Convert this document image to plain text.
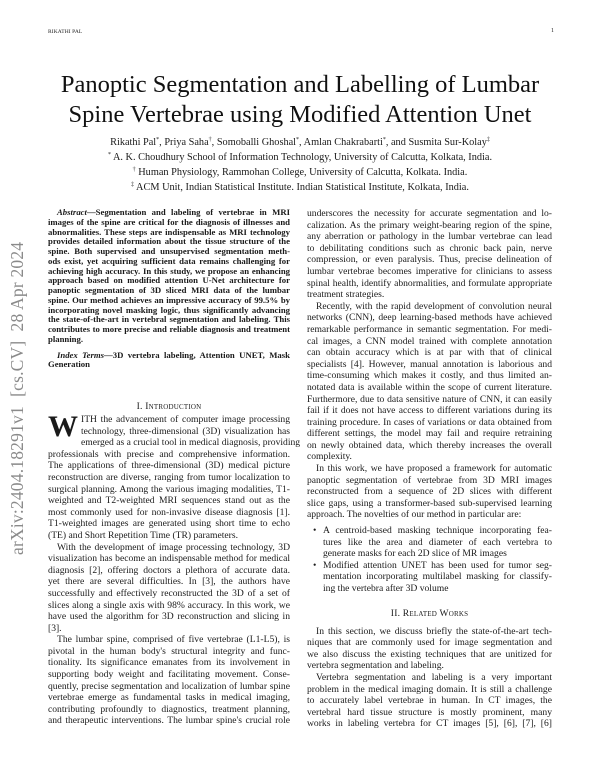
RIKATHI PAL	1
Panoptic Segmentation and Labelling of Lumbar
Spine Vertebrae using Modified Attention Unet
Rikathi Pal*, Priya Saha†, Somoballi Ghoshal*, Amlan Chakrabarti*, and Susmita Sur-Kolay‡
* A. K. Choudhury School of Information Technology, University of Calcutta, Kolkata, India.
† Human Physiology, Rammohan College, University of Calcutta, Kolkata. India.
‡ ACM Unit, Indian Statistical Institute. Indian Statistical Institute, Kolkata, India.
arXiv:2404.18291v1  [cs.CV]  28 Apr 2024
Abstract—Segmentation and labeling of vertebrae in MRI
images of the spine are critical for the diagnosis of illnesses and
abnormalities. These steps are indispensable as MRI technology
provides detailed information about the tissue structure of the
spine. Both supervised and unsupervised segmentation meth-
ods exist, yet acquiring sufficient data remains challenging for
achieving high accuracy. In this study, we propose an enhancing
approach based on modified attention U-Net architecture for
panoptic segmentation of 3D sliced MRI data of the lumbar
spine. Our method achieves an impressive accuracy of 99.5% by
incorporating novel masking logic, thus significantly advancing
the state-of-the-art in vertebral segmentation and labeling. This
contributes to more precise and reliable diagnosis and treatment
planning.
Index Terms—3D vertebra labeling, Attention UNET, Mask
Generation
I. Introduction
W ITH the advancement of computer image processing
technology, three-dimensional (3D) visualization has
emerged as a crucial tool in medical diagnosis, providing
professionals with precise and comprehensive information.
The applications of three-dimensional (3D) medical picture
reconstruction are diverse, ranging from tumor localization to
surgical planning. Among the various imaging modalities, T1-
weighted and T2-weighted MRI sequences stand out as the
most commonly used for non-invasive disease diagnosis [1].
T1-weighted images are generated using short time to echo
(TE) and Short Repetition Time (TR) parameters.
With the development of image processing technology, 3D
visualization has become an indispensable method for medical
diagnosis [2], offering doctors a plethora of accurate data.
yet there are several difficulties. In [3], the authors have
successfully and effectively reconstructed the 3D of a set of
slices along a single axis with 98% accuracy. In this work, we
have used the algorithm for 3D reconstruction and slicing in
[3].
The lumbar spine, comprised of five vertebrae (L1-L5), is
pivotal in the human body's structural integrity and func-
tionality. Its significance emanates from its involvement in
supporting body weight and facilitating movement. Conse-
quently, precise segmentation and localization of lumbar spine
vertebrae emerge as fundamental tasks in medical imaging,
contributing profoundly to diagnostics, treatment planning,
and therapeutic interventions. The lumbar spine's crucial role
underscores the necessity for accurate segmentation and lo-
calization. As the primary weight-bearing region of the spine,
any aberration or pathology in the lumbar vertebrae can lead
to debilitating conditions such as chronic back pain, nerve
compression, or even paralysis. Thus, precise delineation of
lumbar vertebrae becomes imperative for clinicians to assess
spinal health, identify abnormalities, and formulate appropriate
treatment strategies.
Recently, with the rapid development of convolution neural
networks (CNN), deep learning-based methods have achieved
remarkable performance in semantic segmentation. For medi-
cal images, a CNN model trained with complete annotation
can obtain accuracy which is at par with that of clinical
specialists [4]. However, manual annotation is laborious and
time-consuming which makes it costly, and thus limited an-
notated data is available within the scope of current literature.
Furthermore, due to data sensitive nature of CNN, it can easily
fail if it does not have access to different variations during its
training procedure. In cases of variations or data obtained from
different settings, the model may fail and require retraining
on newly obtained data, which thereby increases the overall
complexity.
In this work, we have proposed a framework for automatic
panoptic segmentation of vertebrae from 3D MRI images
reconstructed from a sequence of 2D slices with different
slice gaps, using a transformer-based sub-supervised learning
approach. The novelties of our method in particular are:
• A centroid-based masking technique incorporating fea-
tures like the area and diameter of each vertebra to
generate masks for each 2D slice of MR images
• Modified attention UNET has been used for tumor seg-
mentation incorporating multilabel masking for classify-
ing the vertebra after 3D volume
II. Related Works
In this section, we discuss briefly the state-of-the-art tech-
niques that are commonly used for image segmentation and
we also discuss the existing techniques that are unitized for
vertebra segmentation and labeling.
Vertebra segmentation and labeling is a very important
problem in the medical imaging domain. It is still a challenge
to accurately label vertebrae in human. In CT images, the
vertebral hard tissue structure is mostly prominent, many
works in labeling vertebra for CT images [5], [6], [7], [6]
